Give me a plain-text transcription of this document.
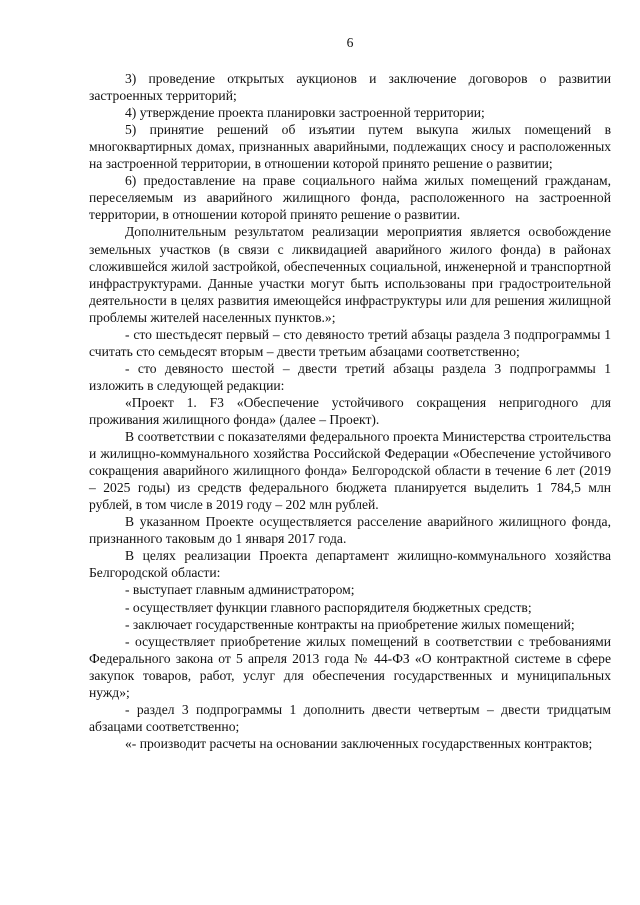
6

3) проведение открытых аукционов и заключение договоров о развитии застроенных территорий;

4) утверждение проекта планировки застроенной территории;

5) принятие решений об изъятии путем выкупа жилых помещений в многоквартирных домах, признанных аварийными, подлежащих сносу и расположенных на застроенной территории, в отношении которой принято решение о развитии;

6) предоставление на праве социального найма жилых помещений гражданам, переселяемым из аварийного жилищного фонда, расположенного на застроенной территории, в отношении которой принято решение о развитии.

Дополнительным результатом реализации мероприятия является освобождение земельных участков (в связи с ликвидацией аварийного жилого фонда) в районах сложившейся жилой застройкой, обеспеченных социальной, инженерной и транспортной инфраструктурами. Данные участки могут быть использованы при градостроительной деятельности в целях развития имеющейся инфраструктуры или для решения жилищной проблемы жителей населенных пунктов.»;

- сто шестьдесят первый – сто девяносто третий абзацы раздела 3 подпрограммы 1 считать сто семьдесят вторым – двести третьим абзацами соответственно;

- сто девяносто шестой – двести третий абзацы раздела 3 подпрограммы 1 изложить в следующей редакции:

«Проект 1. F3 «Обеспечение устойчивого сокращения непригодного для проживания жилищного фонда» (далее – Проект).

В соответствии с показателями федерального проекта Министерства строительства и жилищно-коммунального хозяйства Российской Федерации «Обеспечение устойчивого сокращения аварийного жилищного фонда» Белгородской области в течение 6 лет (2019 – 2025 годы) из средств федерального бюджета планируется выделить 1 784,5 млн рублей, в том числе в 2019 году – 202 млн рублей.

В указанном Проекте осуществляется расселение аварийного жилищного фонда, признанного таковым до 1 января 2017 года.

В целях реализации Проекта департамент жилищно-коммунального хозяйства Белгородской области:

- выступает главным администратором;

- осуществляет функции главного распорядителя бюджетных средств;

- заключает государственные контракты на приобретение жилых помещений;

- осуществляет приобретение жилых помещений в соответствии с требованиями Федерального закона от 5 апреля 2013 года № 44-ФЗ «О контрактной системе в сфере закупок товаров, работ, услуг для обеспечения государственных и муниципальных нужд»;

- раздел 3 подпрограммы 1 дополнить двести четвертым – двести тридцатым абзацами соответственно;

«- производит расчеты на основании заключенных государственных контрактов;
